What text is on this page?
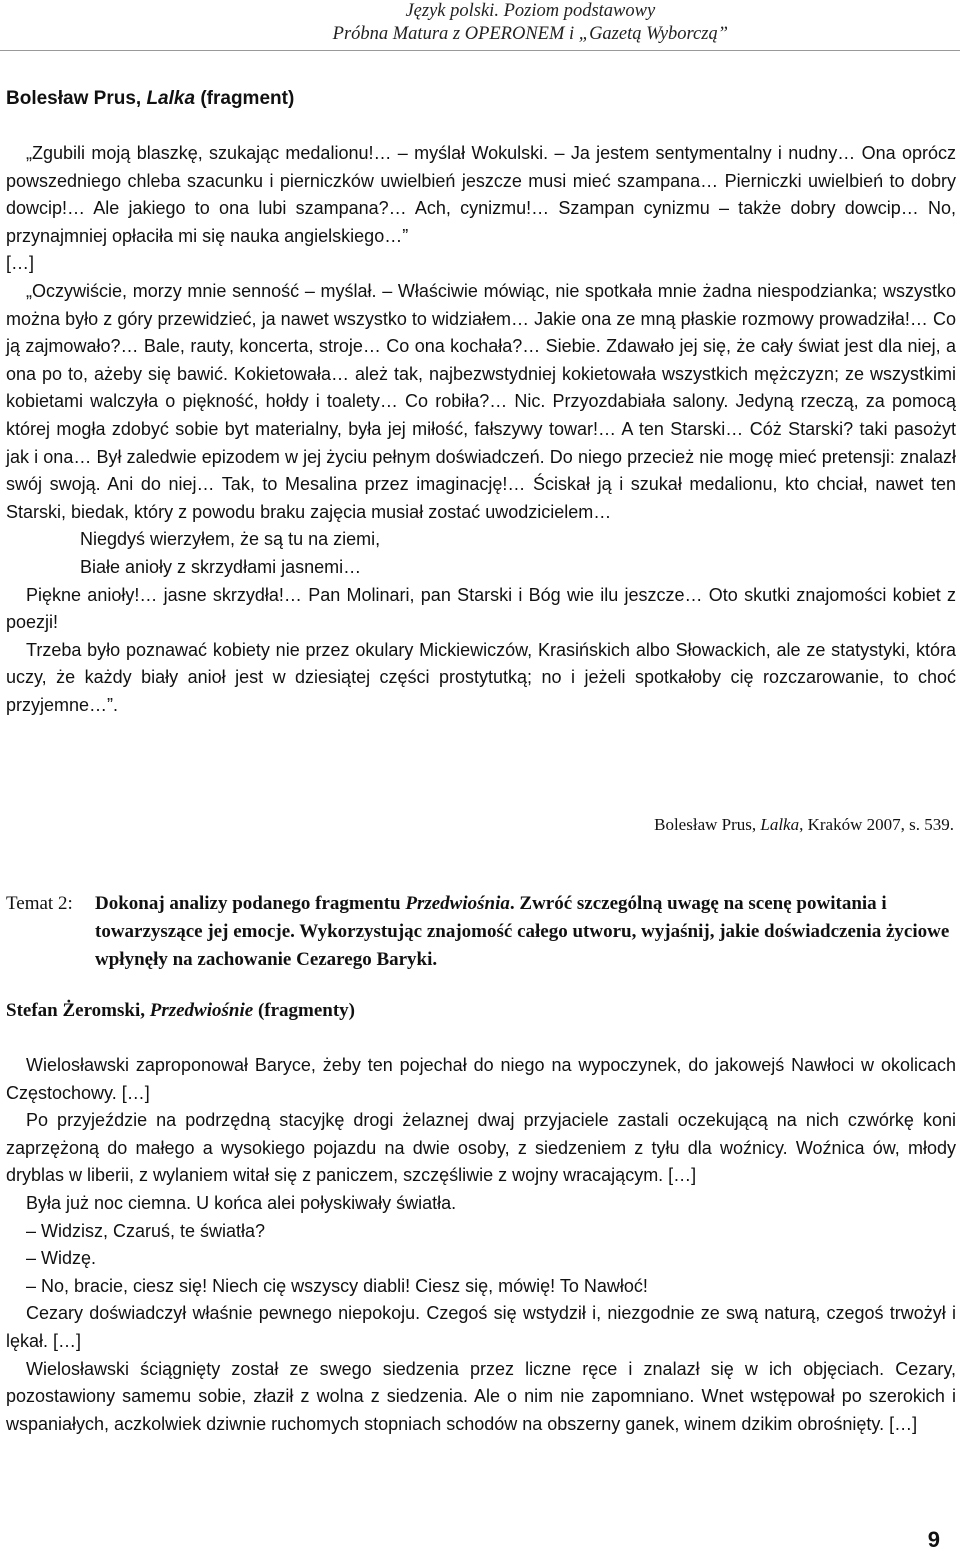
Język polski. Poziom podstawowy
Próbna Matura z OPERONEM i „Gazetą Wyborczą”
Bolesław Prus, Lalka (fragment)

„Zgubili moją blaszkę, szukając medalionu!… – myślał Wokulski. – Ja jestem sentymentalny i nudny… Ona oprócz powszedniego chleba szacunku i pierniczków uwielbień jeszcze musi mieć szampana… Pierniczki uwielbień to dobry dowcip!… Ale jakiego to ona lubi szampana?… Ach, cynizmu!… Szampan cynizmu – także dobry dowcip… No, przynajmniej opłaciła mi się nauka angielskiego…”

[…]

„Oczywiście, morzy mnie senność – myślał. – Właściwie mówiąc, nie spotkała mnie żadna niespodzianka; wszystko można było z góry przewidzieć, ja nawet wszystko to widziałem… Jakie ona ze mną płaskie rozmowy prowadziła!… Co ją zajmowało?… Bale, rauty, koncerta, stroje… Co ona kochała?… Siebie. Zdawało jej się, że cały świat jest dla niej, a ona po to, ażeby się bawić. Kokietowała… ależ tak, najbezwstydniej kokietowała wszystkich mężczyzn; ze wszystkimi kobietami walczyła o piękność, hołdy i toalety… Co robiła?… Nic. Przyozdabiała salony. Jedyną rzeczą, za pomocą której mogła zdobyć sobie byt materialny, była jej miłość, fałszywy towar!… A ten Starski… Cóż Starski? taki pasożyt jak i ona… Był zaledwie epizodem w jej życiu pełnym doświadczeń. Do niego przecież nie mogę mieć pretensji: znalazł swój swoją. Ani do niej… Tak, to Mesalina przez imaginację!… Ściskał ją i szukał medalionu, kto chciał, nawet ten Starski, biedak, który z powodu braku zajęcia musiał zostać uwodzicielem…

Niegdyś wierzyłem, że są tu na ziemi,

Białe anioły z skrzydłami jasnemi…

Piękne anioły!… jasne skrzydła!… Pan Molinari, pan Starski i Bóg wie ilu jeszcze… Oto skutki znajomości kobiet z poezji!

Trzeba było poznawać kobiety nie przez okulary Mickiewiczów, Krasińskich albo Słowackich, ale ze statystyki, która uczy, że każdy biały anioł jest w dziesiątej części prostytutką; no i jeżeli spotkałoby cię rozczarowanie, to choć przyjemne…”.

Bolesław Prus, Lalka, Kraków 2007, s. 539.
Temat 2: Dokonaj analizy podanego fragmentu Przedwiośnia. Zwróć szczególną uwagę na scenę powitania i towarzyszące jej emocje. Wykorzystując znajomość całego utworu, wyjaśnij, jakie doświadczenia życiowe wpłynęły na zachowanie Cezarego Baryki.
Stefan Żeromski, Przedwiośnie (fragmenty)

Wielosławski zaproponował Baryce, żeby ten pojechał do niego na wypoczynek, do jakowejś Nawłoci w okolicach Częstochowy. […]

Po przyjeździe na podrzędną stacyjkę drogi żelaznej dwaj przyjaciele zastali oczekującą na nich czwórkę koni zaprzężoną do małego a wysokiego pojazdu na dwie osoby, z siedzeniem z tyłu dla woźnicy. Woźnica ów, młody dryblas w liberii, z wylaniem witał się z paniczem, szczęśliwie z wojny wracającym. […]

Była już noc ciemna. U końca alei połyskiwały światła.

– Widzisz, Czaruś, te światła?

– Widzę.

– No, bracie, ciesz się! Niech cię wszyscy diabli! Ciesz się, mówię! To Nawłoć!

Cezary doświadczył właśnie pewnego niepokoju. Czegoś się wstydził i, niezgodnie ze swą naturą, czegoś trwożył i lękał. […]

Wielosławski ściągnięty został ze swego siedzenia przez liczne ręce i znalazł się w ich objęciach. Cezary, pozostawiony samemu sobie, złaził z wolna z siedzenia. Ale o nim nie zapomniano. Wnet wstępował po szerokich i wspaniałych, aczkolwiek dziwnie ruchomych stopniach schodów na obszerny ganek, winem dzikim obrośnięty. […]

9
